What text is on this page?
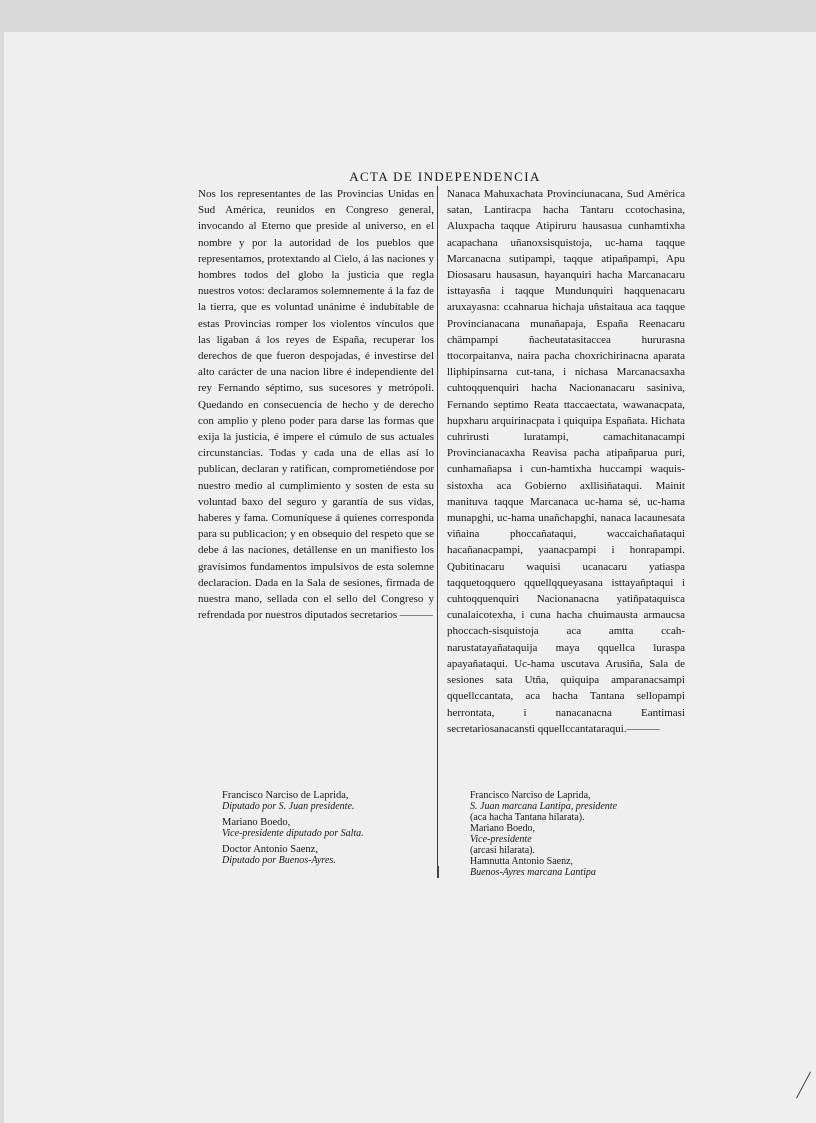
ACTA DE INDEPENDENCIA
Nos los representantes de las Provincias Unidas en Sud América, reunidos en Congreso general, invocando al Eterno que preside al universo, en el nombre y por la autoridad de los pueblos que representamos, protextando al Cielo, á las naciones y hombres todos del globo la justicia que regla nuestros votos: declaramos solemnemente á la faz de la tierra, que es voluntad unánime é indubitable de estas Provincias romper los violentos vínculos que las ligaban á los reyes de España, recuperar los derechos de que fueron despojadas, é investirse del alto carácter de una nacion libre é independiente del rey Fernando séptimo, sus sucesores y metrópoli. Quedando en consecuencia de hecho y de derecho con amplio y pleno poder para darse las formas que exija la justicia, é impere el cúmulo de sus actuales circunstancias. Todas y cada una de ellas así lo publican, declaran y ratifican, comprometiéndose por nuestro medio al cumplimiento y sosten de esta su voluntad baxo del seguro y garantía de sus vidas, haberes y fama. Comuníquese á quienes corresponda para su publicacion; y en obsequio del respeto que se debe á las naciones, detállense en un manifiesto los gravísimos fundamentos impulsivos de esta solemne declaracion. Dada en la Sala de sesiones, firmada de nuestra mano, sellada con el sello del Congreso y refrendada por nuestros diputados secretarios ———
Nanaca Mahuxachata Provinciunacana, Sud América satan, Lantiracpa hacha Tantaru ccotochasina, Aluxpacha taqque Atipiruru hausasua cunhamtixha acapachana uñanoxsisquistoja, uc-hama taqque Marcanacna sutipampi, taqque atipañpampi, Apu Diosasaru hausasun, hayanquiri hacha Marcanacaru isttayasña i taqque Mundunquiri haqquenacaru aruxayasna: ccahnarua hichaja uñstaitaua aca taqque Provincianacana munañapaja, España Reenacaru chämpampi ñacheutatasitaccea hururasna ttocorpaitanva, naira pacha choxrichirinacna aparata lliphipinsarna cut-tana, i nichasa Marcanacsaxha cuhtoqquenquiri hacha Nacionanacaru sasiniva, Fernando septimo Reata ttaccaectata, wawanacpata, hupxharu arquirinacpata i quiquipa Españata. Hichata cuhrirusti luratampi, camachitanacampi Provincianacaxha Reavisa pacha atipañparua puri, cunhamañapsa i cun-hamtixha huccampi waquis-sistoxha aca Gobierno axllisiñataqui. Mainit manituva taqque Marcanaca uc-hama sé, uc-hama munapghi, uc-hama unañchapghi, nanaca lacaunesata viñaina phoccañataqui, waccaichañataqui hacañanacpampi, yaanacpampi i honrapampi. Qubitinacaru waquisi ucanacaru yatiaspa taqquetoqquero qquellqqueyasana isttayañptaqui i cuhtoqquenquiri Nacionanacna yatiñpataquisca cunalaicotexha, i cuna hacha chuimausta armaucsa phoccach-sisquistoja aca amtta ccah-narustatayañataquija maya qquellca luraspa apayañataqui. Uc-hama uscutava Arusiña, Sala de sesiones sata Utña, quiquipa amparanacsampi qquellccantata, aca hacha Tantana sellopampi herrontata, i nanacanacna Eantimasi secretariosanacansti qquellccantataraqui.———
Francisco Narciso de Laprida,
Diputado por S. Juan presidente.
Mariano Boedo,
Vice-presidente diputado por Salta.
Doctor Antonio Saenz,
Diputado por Buenos-Ayres.
Francisco Narciso de Laprida,
S. Juan marcana Lantipa, presidente
(aca hacha Tantana hilarata).
Mariano Boedo,
Vice-presidente
(arcasi hilarata).
Hamnutta Antonio Saenz,
Buenos-Ayres marcana Lantipa
